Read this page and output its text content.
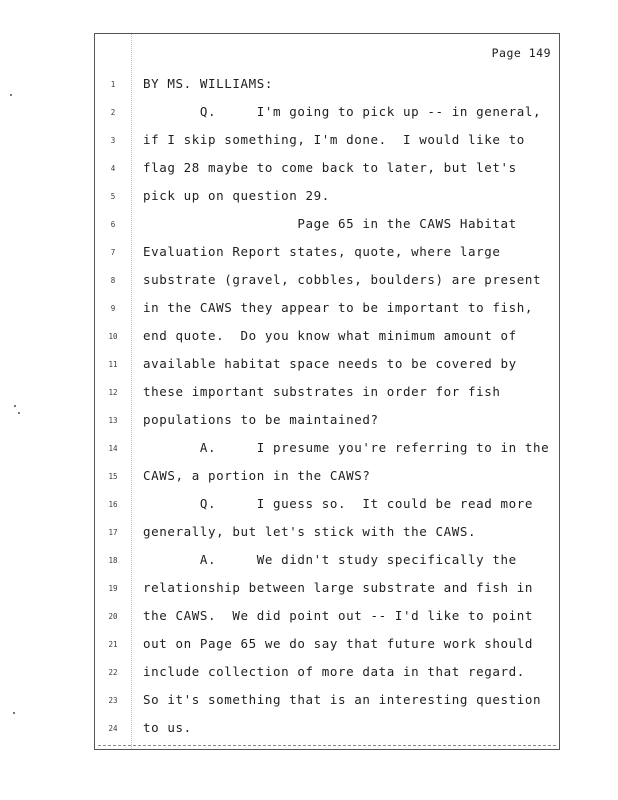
Page 149
1	BY MS. WILLIAMS:
2	Q.     I'm going to pick up -- in general,
3	if I skip something, I'm done.  I would like to
4	flag 28 maybe to come back to later, but let's
5	pick up on question 29.
6	Page 65 in the CAWS Habitat
7	Evaluation Report states, quote, where large
8	substrate (gravel, cobbles, boulders) are present
9	in the CAWS they appear to be important to fish,
10	end quote.  Do you know what minimum amount of
11	available habitat space needs to be covered by
12	these important substrates in order for fish
13	populations to be maintained?
14	A.     I presume you're referring to in the
15	CAWS, a portion in the CAWS?
16	Q.     I guess so.  It could be read more
17	generally, but let's stick with the CAWS.
18	A.     We didn't study specifically the
19	relationship between large substrate and fish in
20	the CAWS.  We did point out -- I'd like to point
21	out on Page 65 we do say that future work should
22	include collection of more data in that regard.
23	So it's something that is an interesting question
24	to us.
